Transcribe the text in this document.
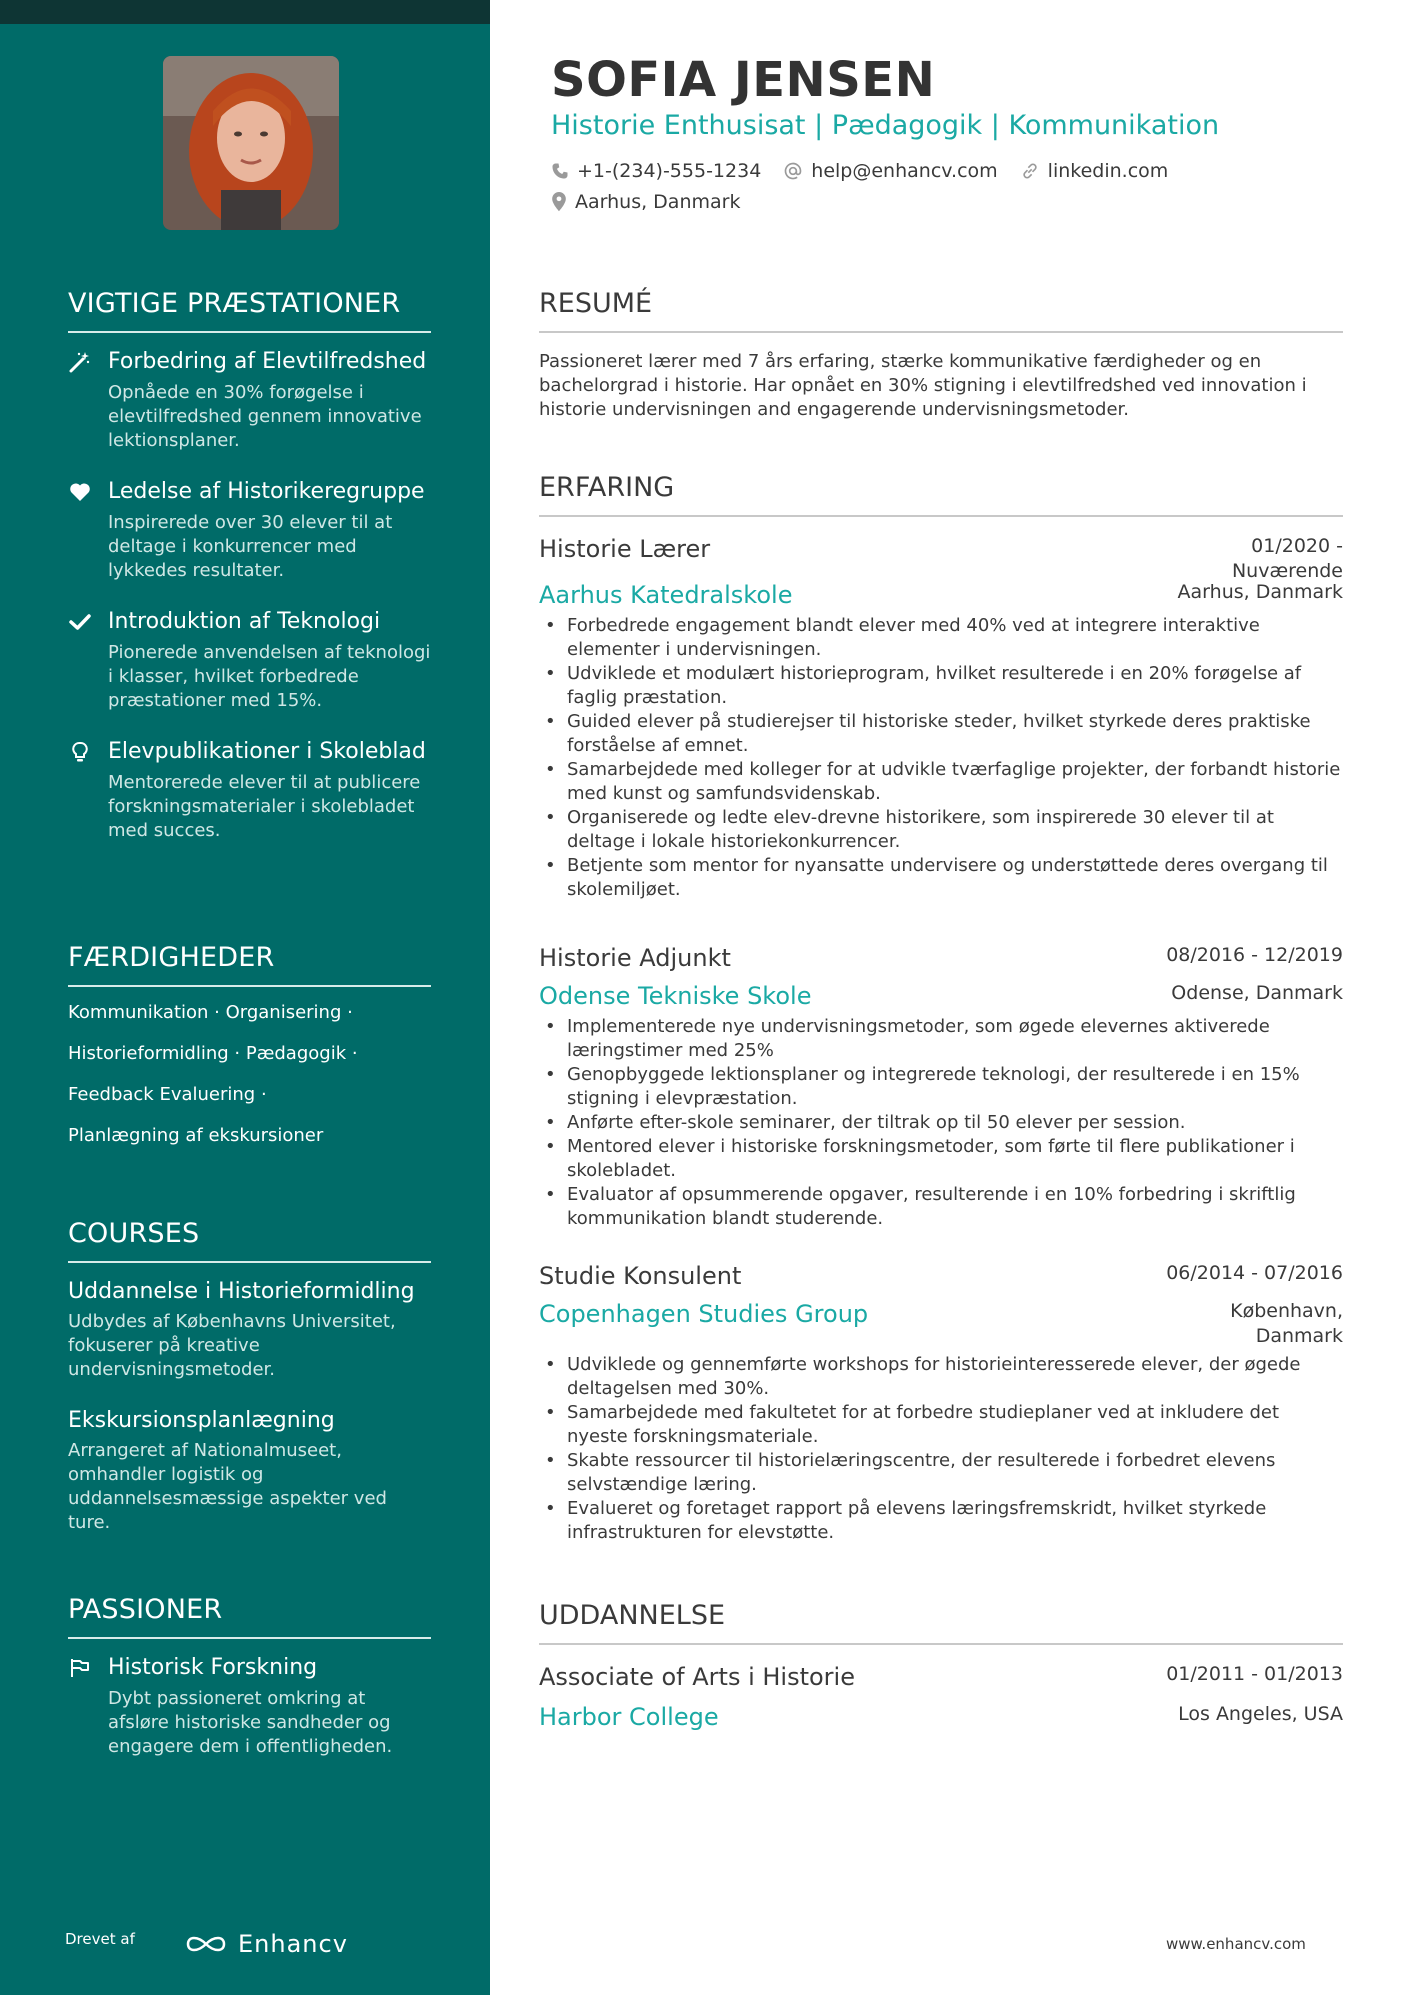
VIGTIGE PRÆSTATIONER
Forbedring af Elevtilfredshed
Opnåede en 30% forøgelse i elevtilfredshed gennem innovative lektionsplaner.
Ledelse af Historikeregruppe
Inspirerede over 30 elever til at deltage i konkurrencer med lykkedes resultater.
Introduktion af Teknologi
Pionerede anvendelsen af teknologi i klasser, hvilket forbedrede præstationer med 15%.
Elevpublikationer i Skoleblad
Mentorerede elever til at publicere forskningsmaterialer i skolebladet med succes.
FÆRDIGHEDER
Kommunikation · Organisering ·
Historieformidling · Pædagogik ·
Feedback Evaluering ·
Planlægning af ekskursioner
COURSES
Uddannelse i Historieformidling
Udbydes af Københavns Universitet, fokuserer på kreative undervisningsmetoder.
Ekskursionsplanlægning
Arrangeret af Nationalmuseet, omhandler logistik og uddannelsesmæssige aspekter ved ture.
PASSIONER
Historisk Forskning
Dybt passioneret omkring at afsløre historiske sandheder og engagere dem i offentligheden.
Drevet af	Enhancv
SOFIA JENSEN
Historie Enthusisat | Pædagogik | Kommunikation
+1-(234)-555-1234	help@enhancv.com	linkedin.com
Aarhus, Danmark
RESUMÉ
Passioneret lærer med 7 års erfaring, stærke kommunikative færdigheder og en bachelorgrad i historie. Har opnået en 30% stigning i elevtilfredshed ved innovation i historie undervisningen and engagerende undervisningsmetoder.
ERFARING
Historie Lærer	01/2020 -
Nuværende
Aarhus Katedralskole	Aarhus, Danmark
• Forbedrede engagement blandt elever med 40% ved at integrere interaktive elementer i undervisningen.
• Udviklede et modulært historieprogram, hvilket resulterede i en 20% forøgelse af faglig præstation.
• Guided elever på studierejser til historiske steder, hvilket styrkede deres praktiske forståelse af emnet.
• Samarbejdede med kolleger for at udvikle tværfaglige projekter, der forbandt historie med kunst og samfundsvidenskab.
• Organiserede og ledte elev-drevne historikere, som inspirerede 30 elever til at deltage i lokale historiekonkurrencer.
• Betjente som mentor for nyansatte undervisere og understøttede deres overgang til skolemiljøet.
Historie Adjunkt	08/2016 - 12/2019
Odense Tekniske Skole	Odense, Danmark
• Implementerede nye undervisningsmetoder, som øgede elevernes aktiverede læringstimer med 25%
• Genopbyggede lektionsplaner og integrerede teknologi, der resulterede i en 15% stigning i elevpræstation.
• Anførte efter-skole seminarer, der tiltrak op til 50 elever per session.
• Mentored elever i historiske forskningsmetoder, som førte til flere publikationer i skolebladet.
• Evaluator af opsummerende opgaver, resulterende i en 10% forbedring i skriftlig kommunikation blandt studerende.
Studie Konsulent	06/2014 - 07/2016
Copenhagen Studies Group	København,
Danmark
• Udviklede og gennemførte workshops for historieinteresserede elever, der øgede deltagelsen med 30%.
• Samarbejdede med fakultetet for at forbedre studieplaner ved at inkludere det nyeste forskningsmateriale.
• Skabte ressourcer til historielæringscentre, der resulterede i forbedret elevens selvstændige læring.
• Evalueret og foretaget rapport på elevens læringsfremskridt, hvilket styrkede infrastrukturen for elevstøtte.
UDDANNELSE
Associate of Arts i Historie	01/2011 - 01/2013
Harbor College	Los Angeles, USA
www.enhancv.com
